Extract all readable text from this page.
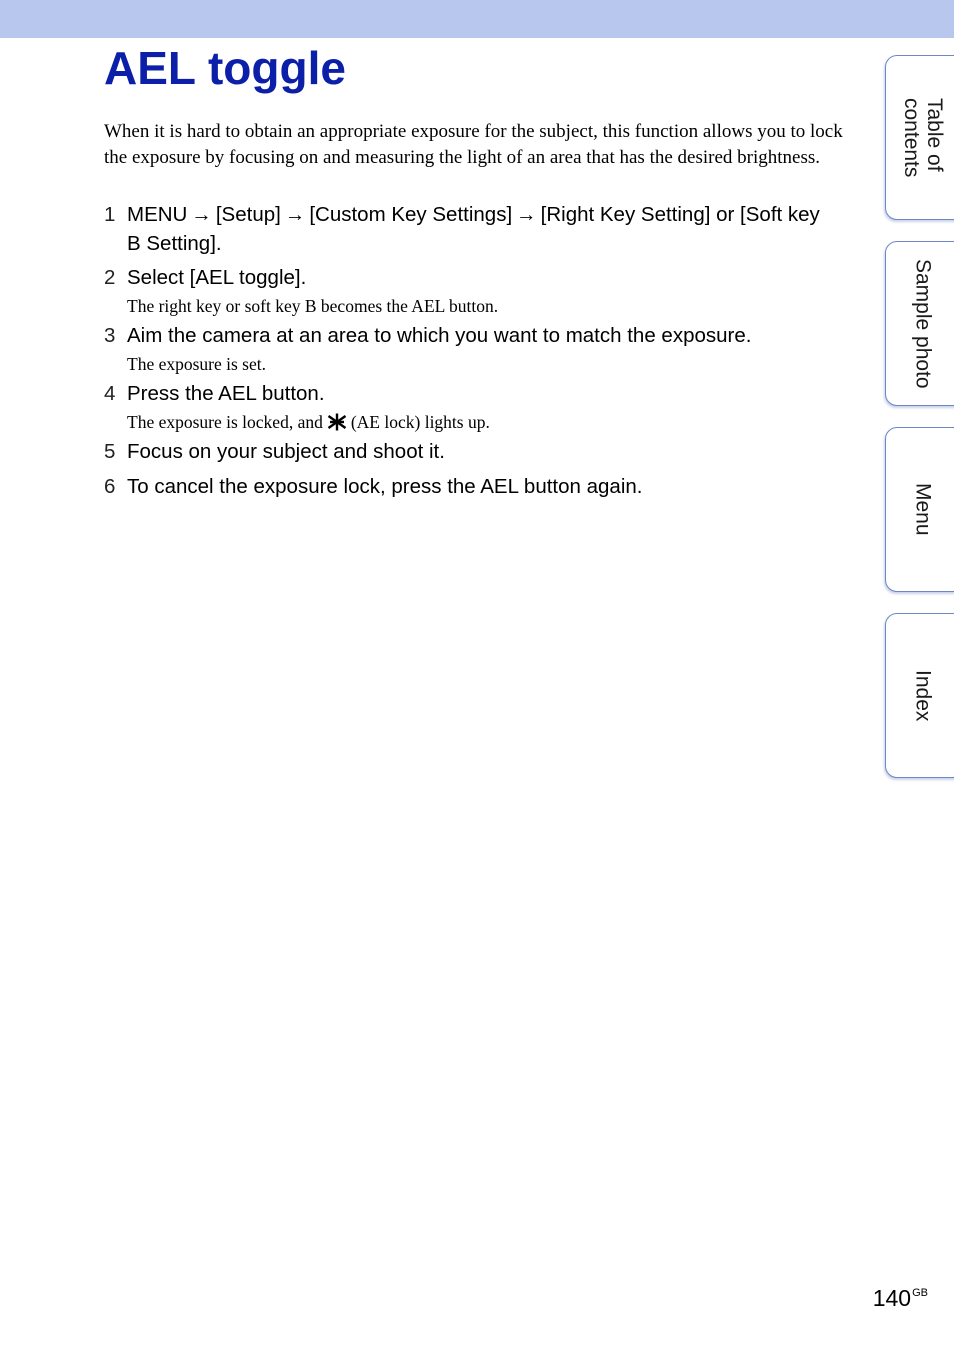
AEL toggle

When it is hard to obtain an appropriate exposure for the subject, this function allows you to lock the exposure by focusing on and measuring the light of an area that has the desired brightness.

1 MENU → [Setup] → [Custom Key Settings] → [Right Key Setting] or [Soft key B Setting].
2 Select [AEL toggle].
The right key or soft key B becomes the AEL button.
3 Aim the camera at an area to which you want to match the exposure.
The exposure is set.
4 Press the AEL button.
The exposure is locked, and (AE lock) lights up.
5 Focus on your subject and shoot it.
6 To cancel the exposure lock, press the AEL button again.
Table of
contents
Sample photo
Menu
Index
$140^{GB}$
